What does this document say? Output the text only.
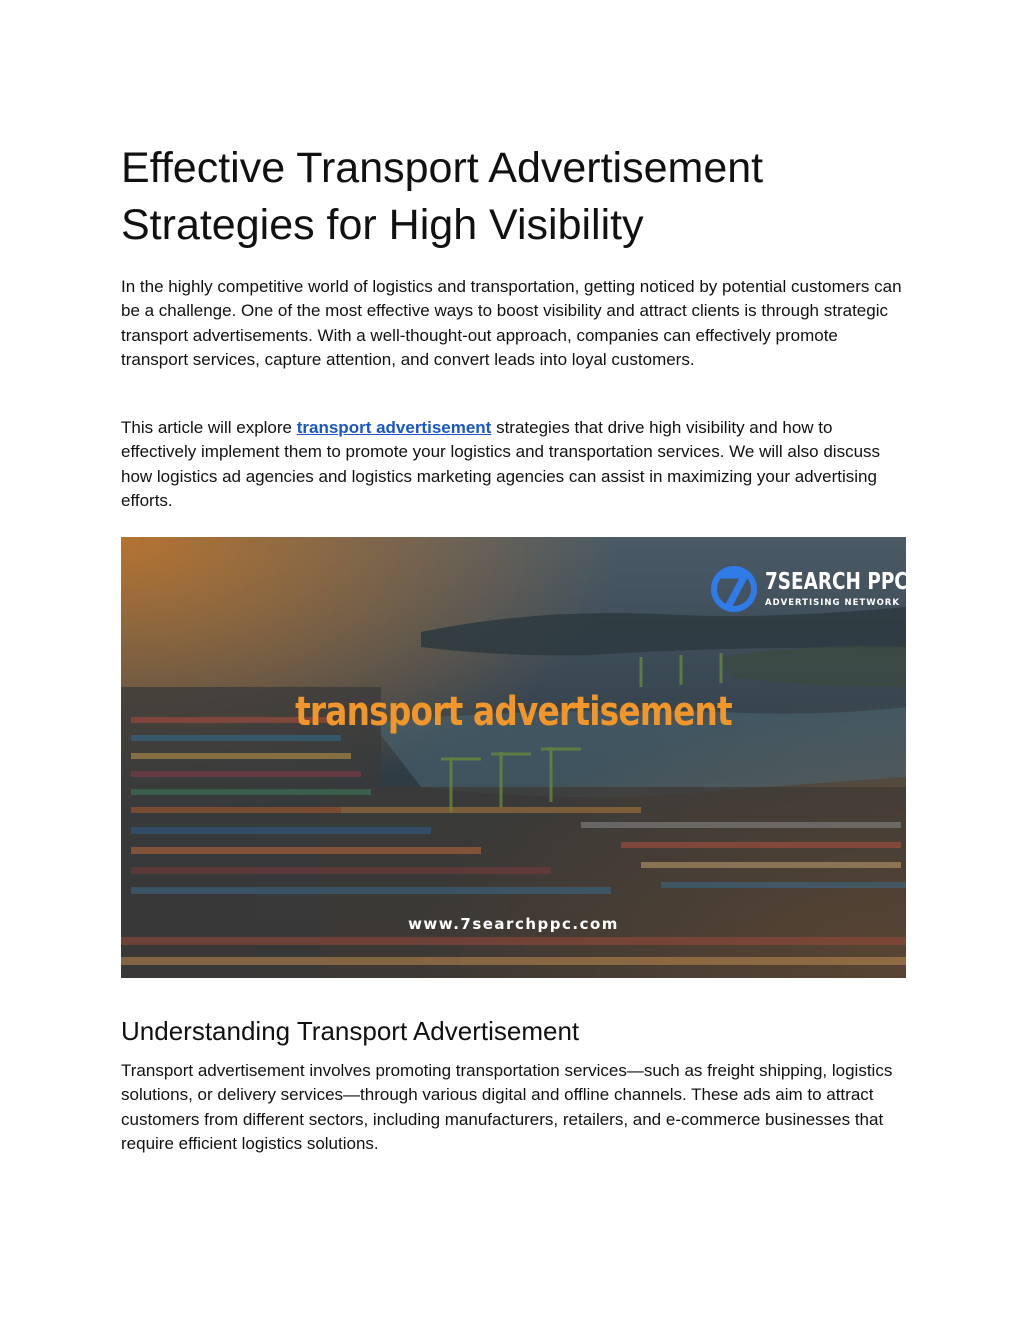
Effective Transport Advertisement
Strategies for High Visibility

In the highly competitive world of logistics and transportation, getting noticed by potential customers can be a challenge. One of the most effective ways to boost visibility and attract clients is through strategic transport advertisements. With a well-thought-out approach, companies can effectively promote transport services, capture attention, and convert leads into loyal customers.

This article will explore transport advertisement strategies that drive high visibility and how to effectively implement them to promote your logistics and transportation services. We will also discuss how logistics ad agencies and logistics marketing agencies can assist in maximizing your advertising efforts.

7SEARCH PPC®
ADVERTISING NETWORK
transport advertisement
www.7searchppc.com
Understanding Transport Advertisement

Transport advertisement involves promoting transportation services—such as freight shipping, logistics solutions, or delivery services—through various digital and offline channels. These ads aim to attract customers from different sectors, including manufacturers, retailers, and e-commerce businesses that require efficient logistics solutions.
